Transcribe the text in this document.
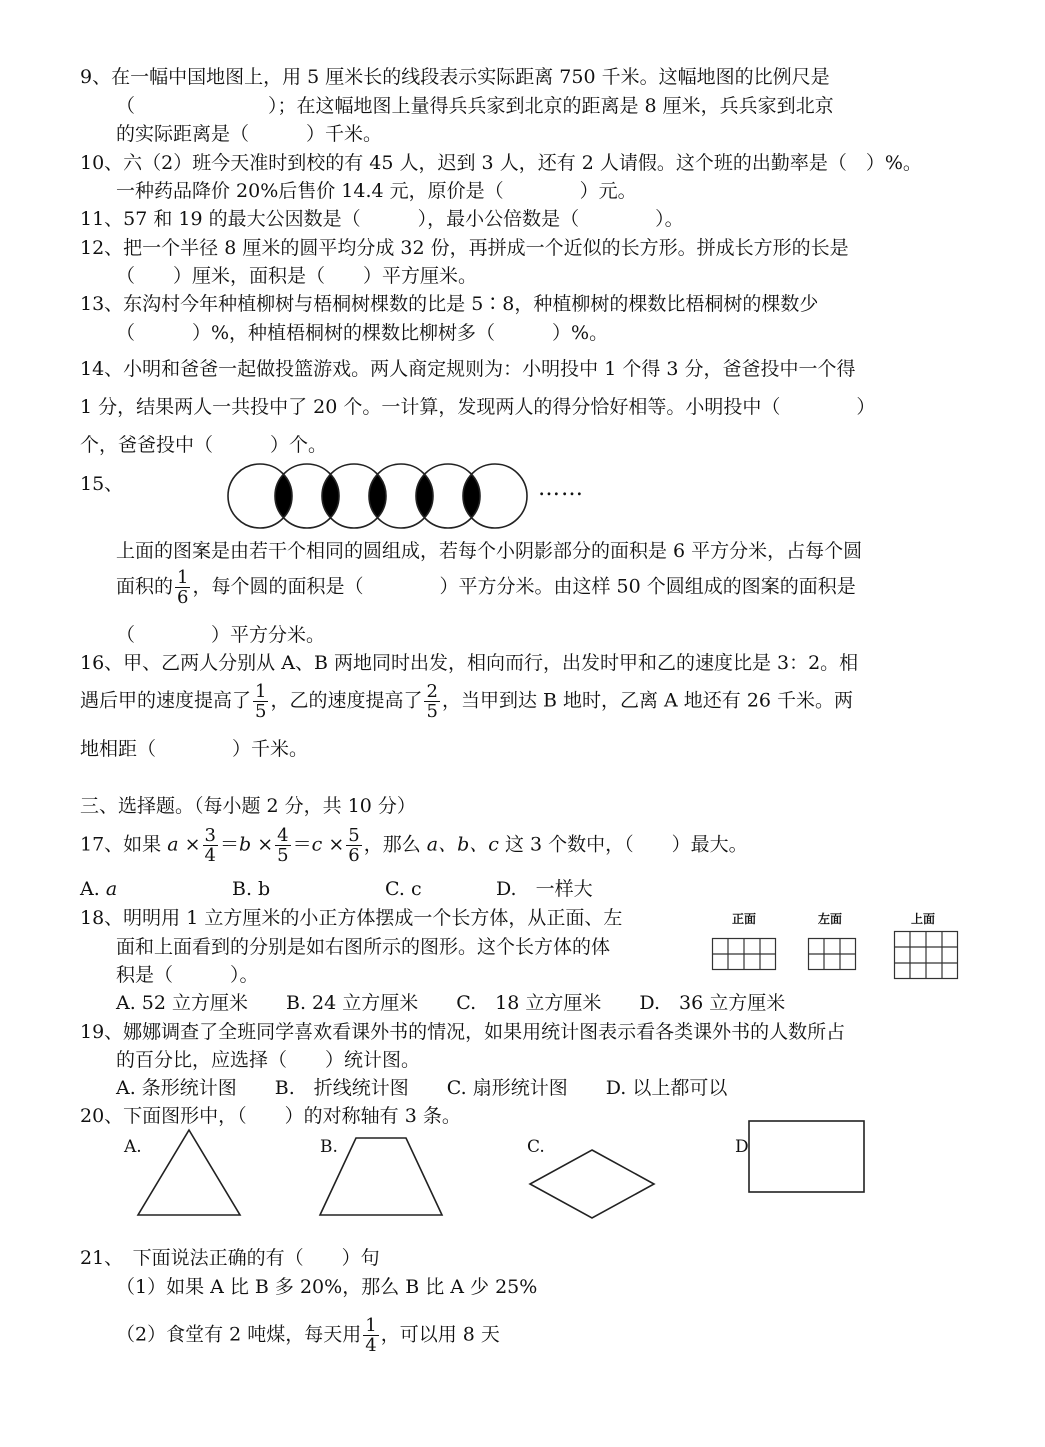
9、在一幅中国地图上，用 5 厘米长的线段表示实际距离 750 千米。这幅地图的比例尺是
（　　　　　　　）；在这幅地图上量得兵兵家到北京的距离是 8 厘米，兵兵家到北京
的实际距离是（　　　）千米。
10、六（2）班今天准时到校的有 45 人，迟到 3 人，还有 2 人请假。这个班的出勤率是（　）%。
一种药品降价 20%后售价 14.4 元，原价是（　　　　）元。
11、57 和 19 的最大公因数是（　　　），最小公倍数是（　　　　）。
12、把一个半径 8 厘米的圆平均分成 32 份，再拼成一个近似的长方形。拼成长方形的长是
（　　）厘米，面积是（　　）平方厘米。
13、东沟村今年种植柳树与梧桐树棵数的比是 5∶8，种植柳树的棵数比梧桐树的棵数少
（　　　）%，种植梧桐树的棵数比柳树多（　　　）%。
14、小明和爸爸一起做投篮游戏。两人商定规则为：小明投中 1 个得 3 分，爸爸投中一个得
1 分，结果两人一共投中了 20 个。一计算，发现两人的得分恰好相等。小明投中（　　　　）
个，爸爸投中（　　　）个。
15、	……
上面的图案是由若干个相同的圆组成，若每个小阴影部分的面积是 6 平方分米，占每个圆
面积的 $\frac{1}{6}$ ，每个圆的面积是（　　　　）平方分米。由这样 50 个圆组成的图案的面积是
（　　　　）平方分米。
16、甲、乙两人分别从 A、B 两地同时出发，相向而行，出发时甲和乙的速度比是 3：2。相
遇后甲的速度提高了 $\frac{1}{5}$ ，乙的速度提高了 $\frac{2}{5}$ ，当甲到达 B 地时，乙离 A 地还有 26 千米。两
地相距（　　　　）千米。
三、选择题。（每小题 2 分，共 10 分）
17、如果 $a \times \frac{3}{4} =b \times \frac{4}{5} =c \times \frac{5}{6}$ ，那么 a、b、c 这 3 个数中，（　　）最大。
A. a	B. b	C. c	D.　一样大
18、明明用 1 立方厘米的小正方体摆成一个长方体，从正面、左
面和上面看到的分别是如右图所示的图形。这个长方体的体
积是（　　　）。
A. 52 立方厘米　　B. 24 立方厘米　　C.　18 立方厘米　　D.　36 立方厘米
正面	左面	上面
19、娜娜调查了全班同学喜欢看课外书的情况，如果用统计图表示看各类课外书的人数所占
的百分比，应选择（　　）统计图。
A. 条形统计图　　B.　折线统计图　　C. 扇形统计图　　D. 以上都可以
20、下面图形中，（　　）的对称轴有 3 条。
A.	B.	C.	D
21、　下面说法正确的有（　　）句
（1）如果 A 比 B 多 20%，那么 B 比 A 少 25%
（2）食堂有 2 吨煤，每天用 $\frac{1}{4}$ ，可以用 8 天
